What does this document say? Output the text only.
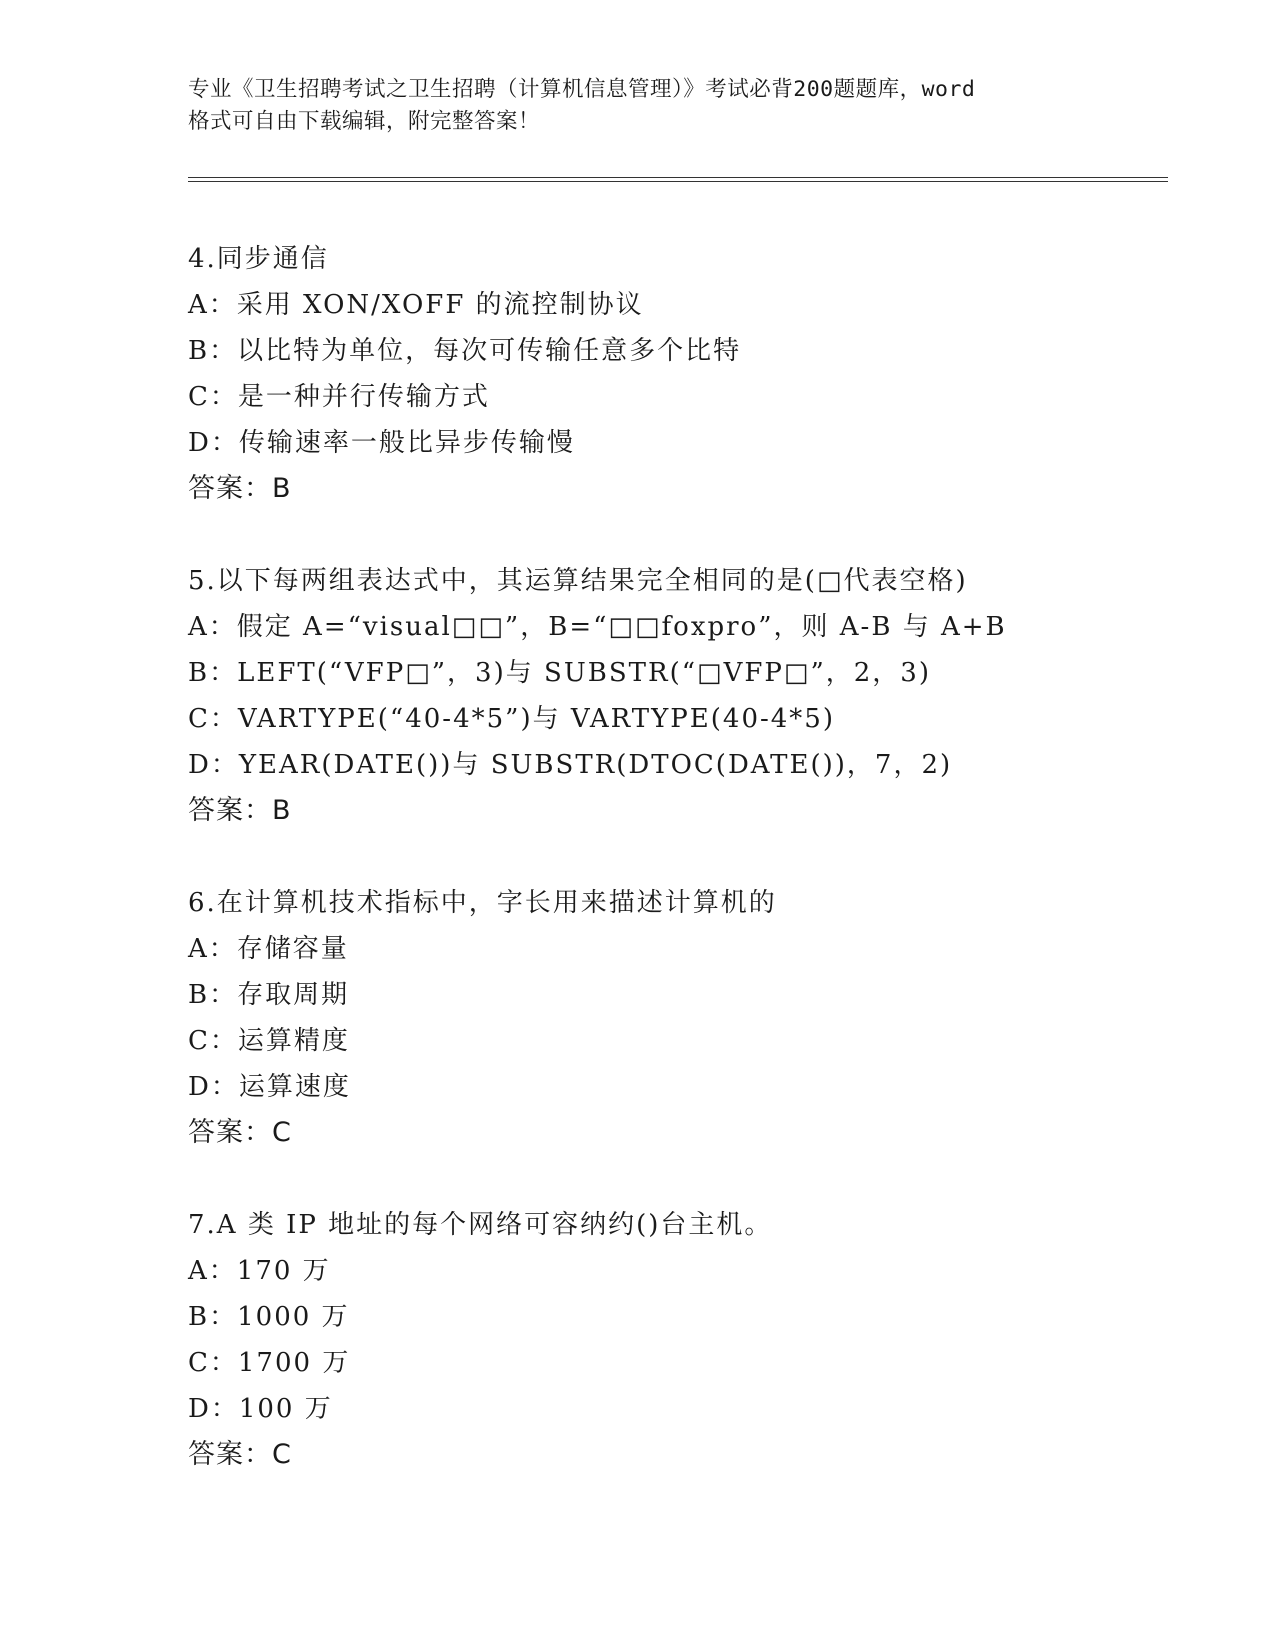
专业《卫生招聘考试之卫生招聘（计算机信息管理）》考试必背200题题库，word
格式可自由下载编辑，附完整答案！
4.同步通信
A：采用 XON/XOFF 的流控制协议
B：以比特为单位，每次可传输任意多个比特
C：是一种并行传输方式
D：传输速率一般比异步传输慢
答案：B
5.以下每两组表达式中，其运算结果完全相同的是(□代表空格)
A：假定 A=“visual□□”，B=“□□foxpro”，则 A-B 与 A+B
B：LEFT(“VFP□”，3)与 SUBSTR(“□VFP□”，2，3)
C：VARTYPE(“40-4*5”)与 VARTYPE(40-4*5)
D：YEAR(DATE())与 SUBSTR(DTOC(DATE())，7，2)
答案：B
6.在计算机技术指标中，字长用来描述计算机的
A：存储容量
B：存取周期
C：运算精度
D：运算速度
答案：C
7.A 类 IP 地址的每个网络可容纳约()台主机。
A：170 万
B：1000 万
C：1700 万
D：100 万
答案：C
